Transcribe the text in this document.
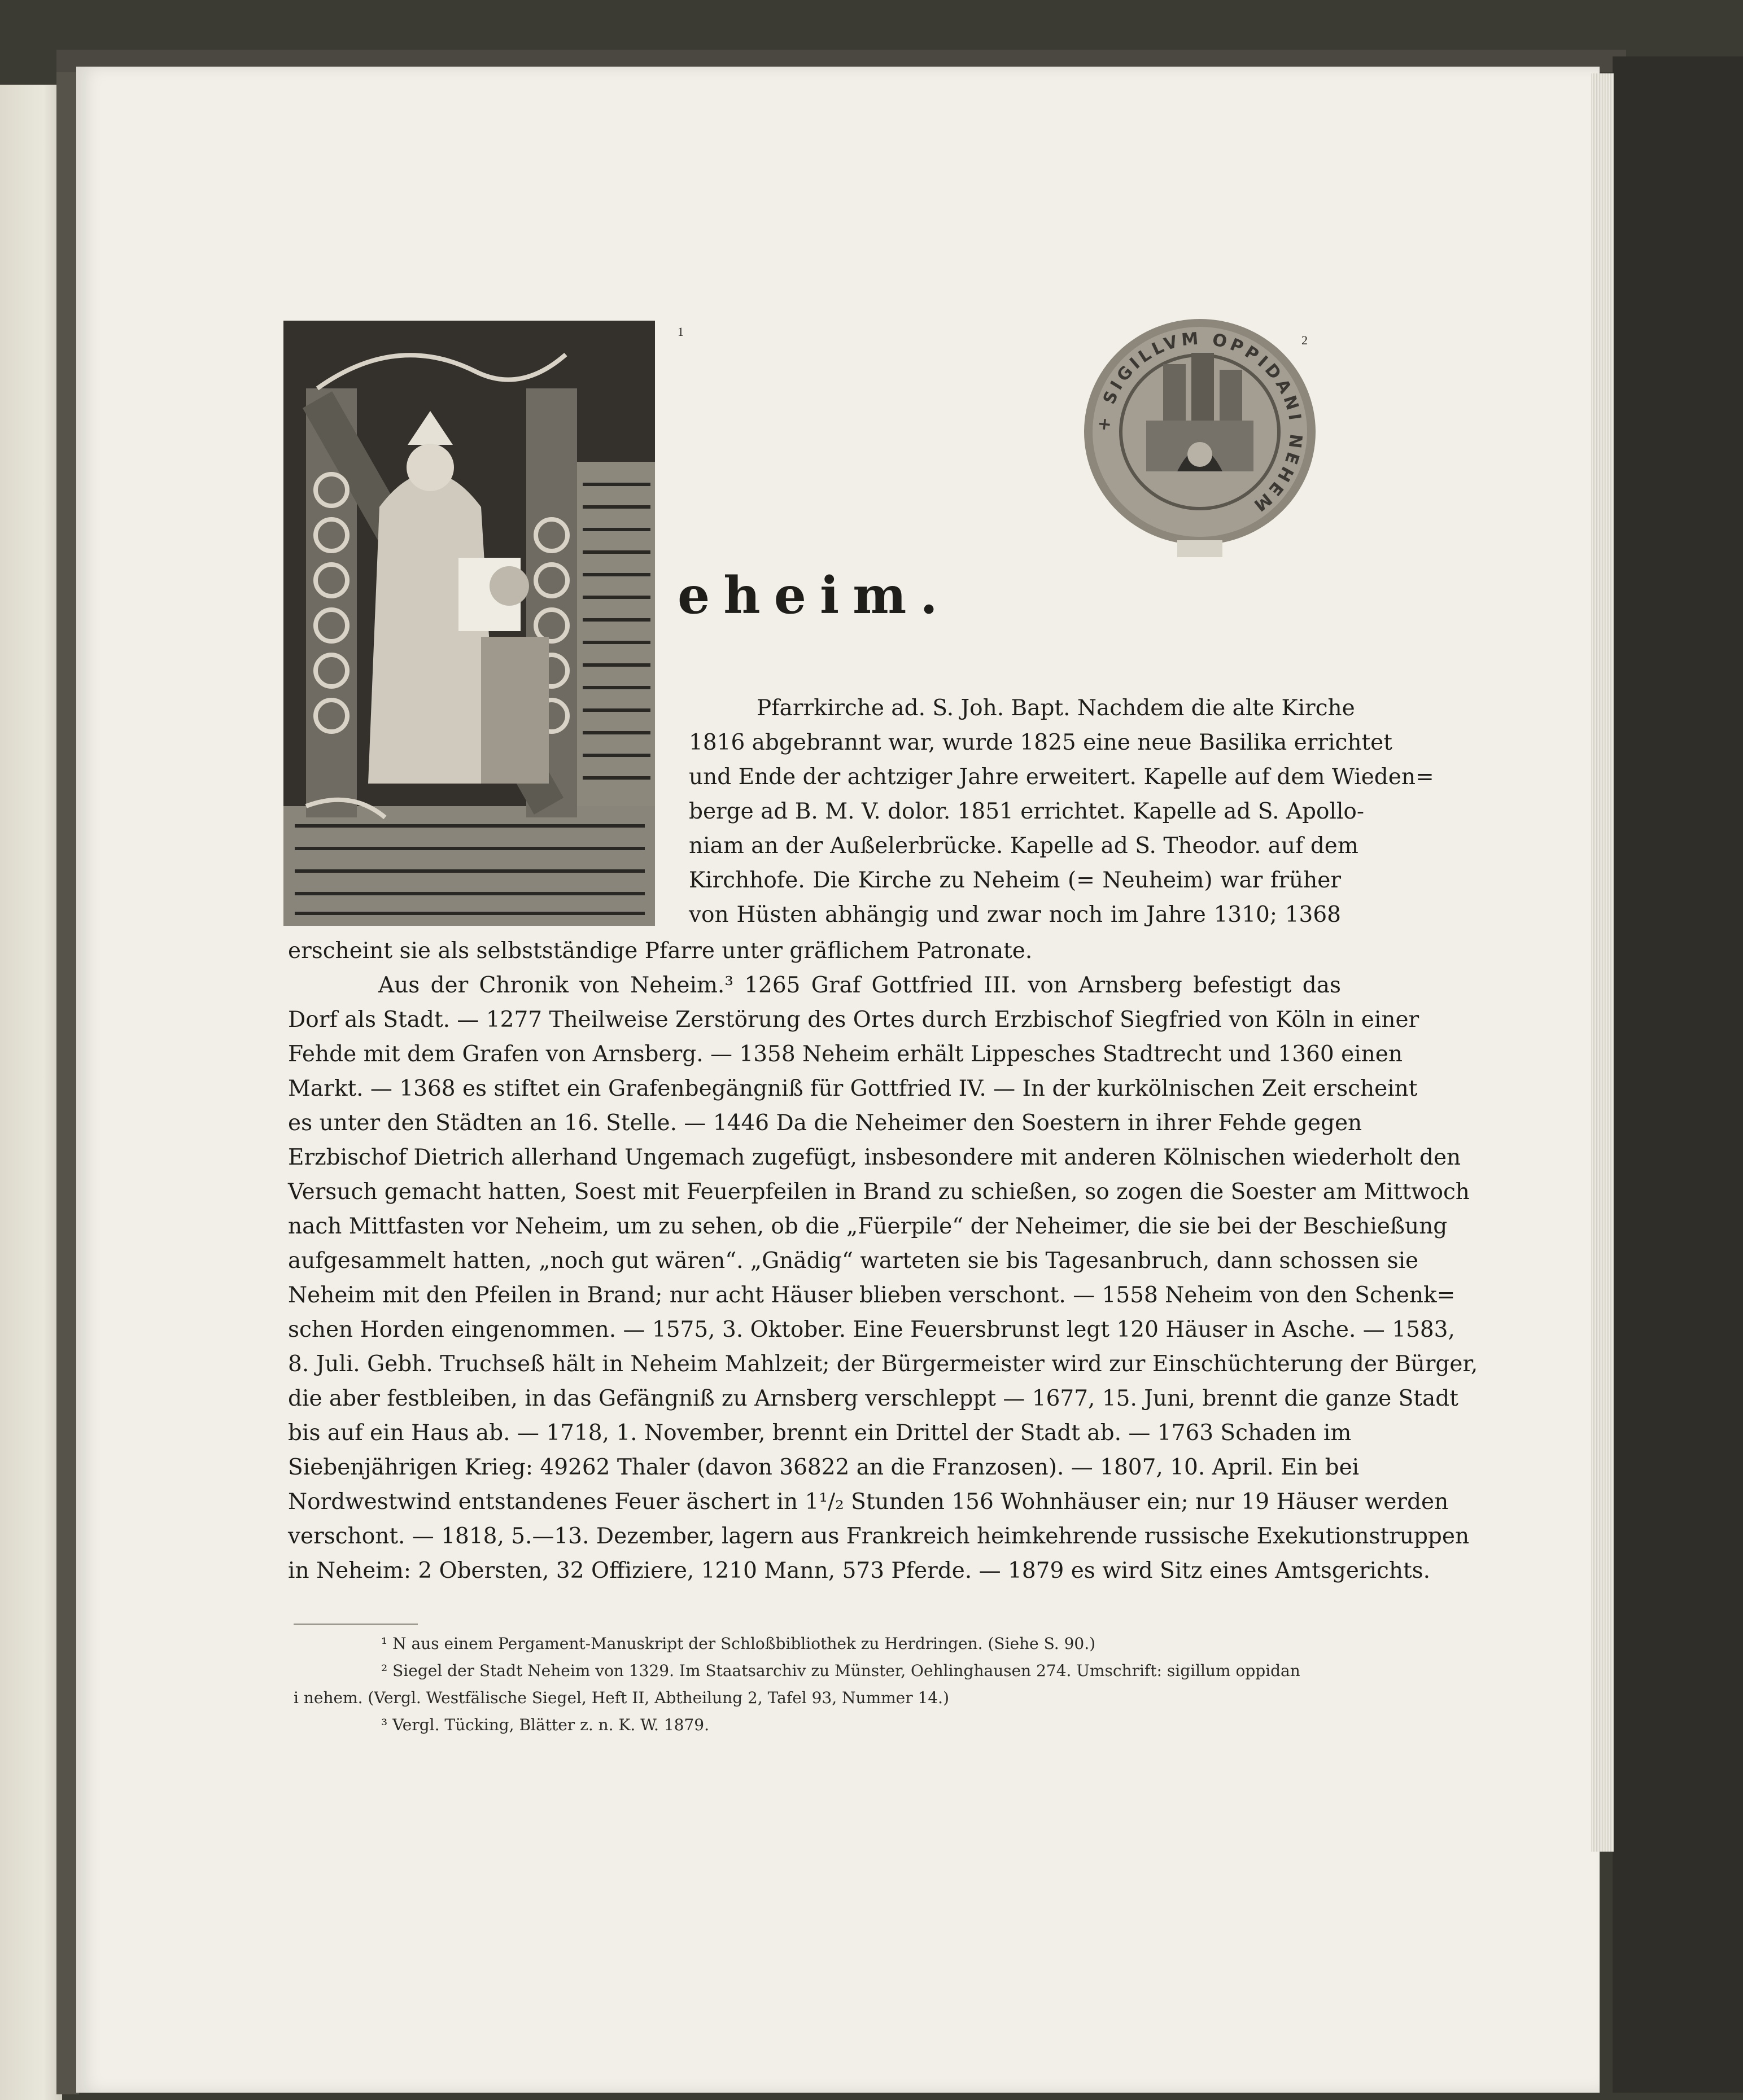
1
+ SIGILLVM OPPIDANI NEHEM
2
eheim.
Pfarrkirche ad. S. Joh. Bapt. Nachdem die alte Kirche
1816 abgebrannt war, wurde 1825 eine neue Basilika errichtet
und Ende der achtziger Jahre erweitert. Kapelle auf dem Wieden=
berge ad B. M. V. dolor. 1851 errichtet. Kapelle ad S. Apollo-
niam an der Außelerbrücke. Kapelle ad S. Theodor. auf dem
Kirchhofe. Die Kirche zu Neheim (= Neuheim) war früher
von Hüsten abhängig und zwar noch im Jahre 1310; 1368
erscheint sie als selbstständige Pfarre unter gräflichem Patronate.
Aus der Chronik von Neheim.³ 1265 Graf Gottfried III. von Arnsberg befestigt das
Dorf als Stadt. — 1277 Theilweise Zerstörung des Ortes durch Erzbischof Siegfried von Köln in einer
Fehde mit dem Grafen von Arnsberg. — 1358 Neheim erhält Lippesches Stadtrecht und 1360 einen
Markt. — 1368 es stiftet ein Grafenbegängniß für Gottfried IV. — In der kurkölnischen Zeit erscheint
es unter den Städten an 16. Stelle. — 1446 Da die Neheimer den Soestern in ihrer Fehde gegen
Erzbischof Dietrich allerhand Ungemach zugefügt, insbesondere mit anderen Kölnischen wiederholt den
Versuch gemacht hatten, Soest mit Feuerpfeilen in Brand zu schießen, so zogen die Soester am Mittwoch
nach Mittfasten vor Neheim, um zu sehen, ob die „Füerpile“ der Neheimer, die sie bei der Beschießung
aufgesammelt hatten, „noch gut wären“. „Gnädig“ warteten sie bis Tagesanbruch, dann schossen sie
Neheim mit den Pfeilen in Brand; nur acht Häuser blieben verschont. — 1558 Neheim von den Schenk=
schen Horden eingenommen. — 1575, 3. Oktober. Eine Feuersbrunst legt 120 Häuser in Asche. — 1583,
8. Juli. Gebh. Truchseß hält in Neheim Mahlzeit; der Bürgermeister wird zur Einschüchterung der Bürger,
die aber festbleiben, in das Gefängniß zu Arnsberg verschleppt — 1677, 15. Juni, brennt die ganze Stadt
bis auf ein Haus ab. — 1718, 1. November, brennt ein Drittel der Stadt ab. — 1763 Schaden im
Siebenjährigen Krieg: 49262 Thaler (davon 36822 an die Franzosen). — 1807, 10. April. Ein bei
Nordwestwind entstandenes Feuer äschert in 1¹/₂ Stunden 156 Wohnhäuser ein; nur 19 Häuser werden
verschont. — 1818, 5.—13. Dezember, lagern aus Frankreich heimkehrende russische Exekutionstruppen
in Neheim: 2 Obersten, 32 Offiziere, 1210 Mann, 573 Pferde. — 1879 es wird Sitz eines Amtsgerichts.
¹ N aus einem Pergament-Manuskript der Schloßbibliothek zu Herdringen. (Siehe S. 90.)
² Siegel der Stadt Neheim von 1329. Im Staatsarchiv zu Münster, Oehlinghausen 274. Umschrift: sigillum oppidan
i nehem. (Vergl. Westfälische Siegel, Heft II, Abtheilung 2, Tafel 93, Nummer 14.)
³ Vergl. Tücking, Blätter z. n. K. W. 1879.
